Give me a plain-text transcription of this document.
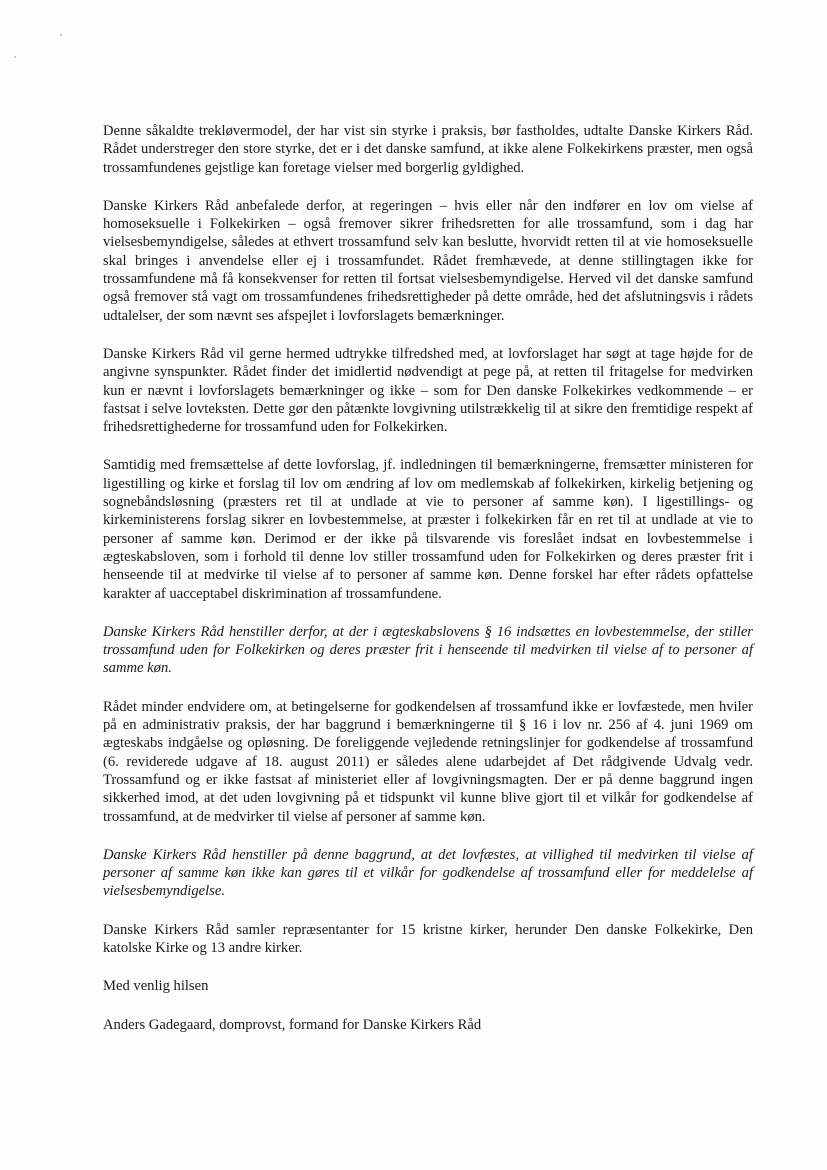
Denne såkaldte trekløvermodel, der har vist sin styrke i praksis, bør fastholdes, udtalte Danske Kirkers Råd. Rådet understreger den store styrke, det er i det danske samfund, at ikke alene Folkekirkens præster, men også trossamfundenes gejstlige kan foretage vielser med borgerlig gyldighed.

Danske Kirkers Råd anbefalede derfor, at regeringen – hvis eller når den indfører en lov om vielse af homoseksuelle i Folkekirken – også fremover sikrer frihedsretten for alle trossamfund, som i dag har vielsesbemyndigelse, således at ethvert trossamfund selv kan beslutte, hvorvidt retten til at vie homoseksuelle skal bringes i anvendelse eller ej i trossamfundet. Rådet fremhævede, at denne stillingtagen ikke for trossamfundene må få konsekvenser for retten til fortsat vielsesbemyndigelse. Herved vil det danske samfund også fremover stå vagt om trossamfundenes frihedsrettigheder på dette område, hed det afslutningsvis i rådets udtalelser, der som nævnt ses afspejlet i lovforslagets bemærkninger.

Danske Kirkers Råd vil gerne hermed udtrykke tilfredshed med, at lovforslaget har søgt at tage højde for de angivne synspunkter. Rådet finder det imidlertid nødvendigt at pege på, at retten til fritagelse for medvirken kun er nævnt i lovforslagets bemærkninger og ikke – som for Den danske Folkekirkes vedkommende – er fastsat i selve lovteksten. Dette gør den påtænkte lovgivning utilstrækkelig til at sikre den fremtidige respekt af frihedsrettighederne for trossamfund uden for Folkekirken.

Samtidig med fremsættelse af dette lovforslag, jf. indledningen til bemærkningerne, fremsætter ministeren for ligestilling og kirke et forslag til lov om ændring af lov om medlemskab af folkekirken, kirkelig betjening og sognebåndsløsning (præsters ret til at undlade at vie to personer af samme køn). I ligestillings- og kirkeministerens forslag sikrer en lovbestemmelse, at præster i folkekirken får en ret til at undlade at vie to personer af samme køn. Derimod er der ikke på tilsvarende vis foreslået indsat en lovbestemmelse i ægteskabsloven, som i forhold til denne lov stiller trossamfund uden for Folkekirken og deres præster frit i henseende til at medvirke til vielse af to personer af samme køn. Denne forskel har efter rådets opfattelse karakter af uacceptabel diskrimination af trossamfundene.

Danske Kirkers Råd henstiller derfor, at der i ægteskabslovens § 16 indsættes en lovbestemmelse, der stiller trossamfund uden for Folkekirken og deres præster frit i henseende til medvirken til vielse af to personer af samme køn.

Rådet minder endvidere om, at betingelserne for godkendelsen af trossamfund ikke er lovfæstede, men hviler på en administrativ praksis, der har baggrund i bemærkningerne til § 16 i lov nr. 256 af 4. juni 1969 om ægteskabs indgåelse og opløsning. De foreliggende vejledende retningslinjer for godkendelse af trossamfund (6. reviderede udgave af 18. august 2011) er således alene udarbejdet af Det rådgivende Udvalg vedr. Trossamfund og er ikke fastsat af ministeriet eller af lovgivningsmagten. Der er på denne baggrund ingen sikkerhed imod, at det uden lovgivning på et tidspunkt vil kunne blive gjort til et vilkår for godkendelse af trossamfund, at de medvirker til vielse af personer af samme køn.

Danske Kirkers Råd henstiller på denne baggrund, at det lovfæstes, at villighed til medvirken til vielse af personer af samme køn ikke kan gøres til et vilkår for godkendelse af trossamfund eller for meddelelse af vielsesbemyndigelse.

Danske Kirkers Råd samler repræsentanter for 15 kristne kirker, herunder Den danske Folkekirke, Den katolske Kirke og 13 andre kirker.

Med venlig hilsen

Anders Gadegaard, domprovst, formand for Danske Kirkers Råd
